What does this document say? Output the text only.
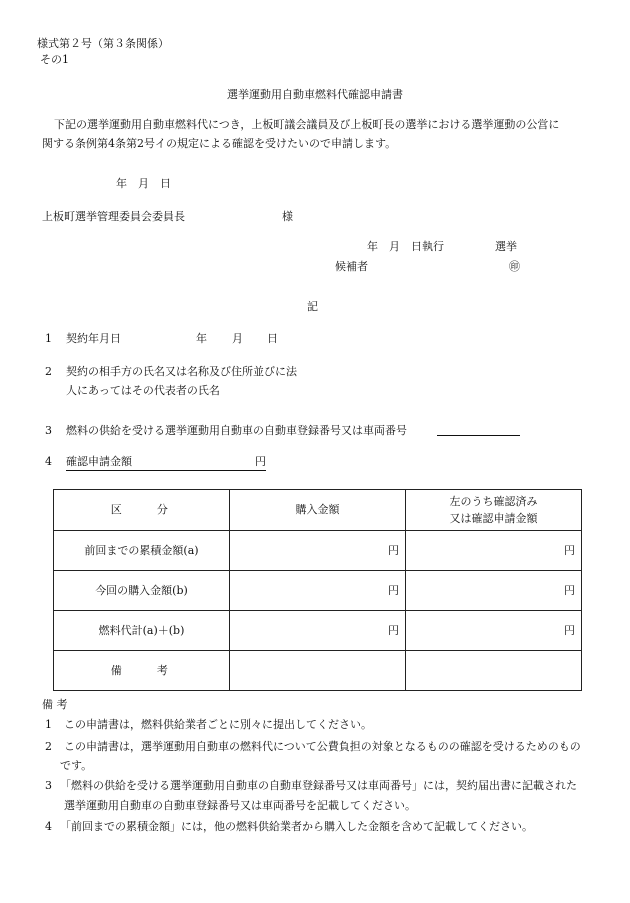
様式第２号（第３条関係）
その1
選挙運動用自動車燃料代確認申請書
下記の選挙運動用自動車燃料代につき，上板町議会議員及び上板町長の選挙における選挙運動の公営に
関する条例第4条第2号イの規定による確認を受けたいので申請します。
年　月　日
上板町選挙管理委員会委員長	様
年　月　日執行	選挙
候補者	㊞
記
1 契約年月日	年 月 日
2 契約の相手方の氏名又は名称及び住所並びに法
人にあってはその代表者の氏名
3 燃料の供給を受ける選挙運動用自動車の自動車登録番号又は車両番号
4 確認申請金額	円
区　　分	購入金額	左のうち確認済み
又は確認申請金額

前回までの累積金額(a)	円	円
今回の購入金額(b)	円	円
燃料代計(a)＋(b)	円	円
備　　考		
備 考
1 この申請書は，燃料供給業者ごとに別々に提出してください。
2 この申請書は，選挙運動用自動車の燃料代について公費負担の対象となるものの確認を受けるためのもの
です。
3 「燃料の供給を受ける選挙運動用自動車の自動車登録番号又は車両番号」には，契約届出書に記載された
選挙運動用自動車の自動車登録番号又は車両番号を記載してください。
4 「前回までの累積金額」には，他の燃料供給業者から購入した金額を含めて記載してください。
